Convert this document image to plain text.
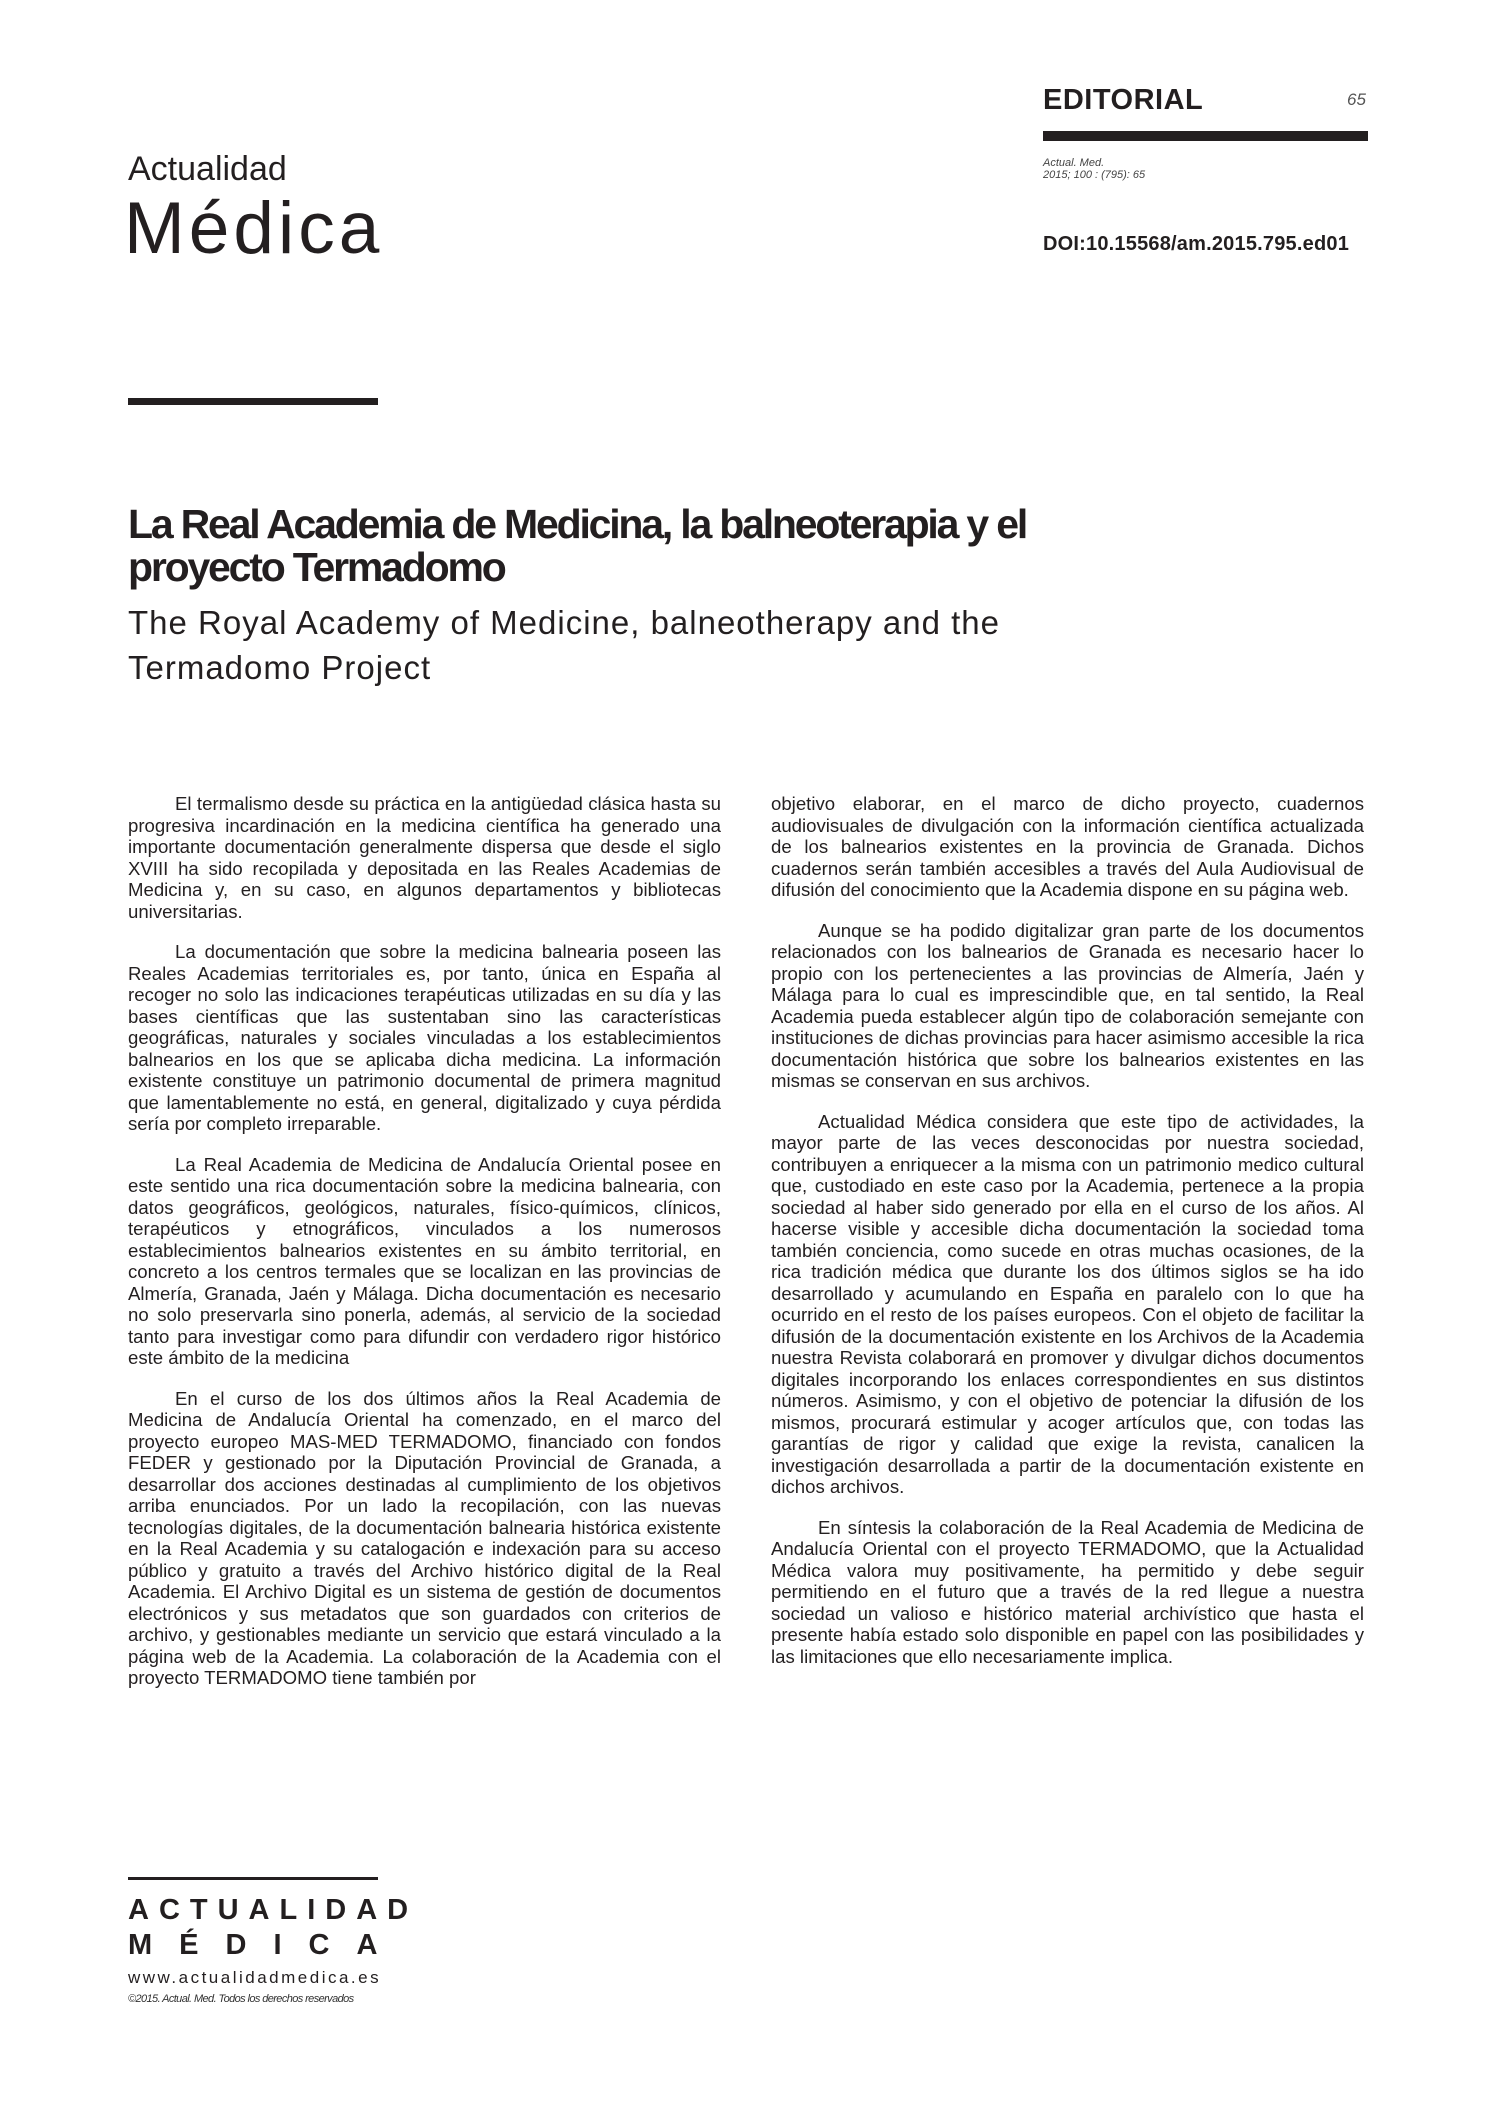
EDITORIAL	65
Actual. Med.
2015; 100 : (795): 65
DOI:10.15568/am.2015.795.ed01
Actualidad
Médica
La Real Academia de Medicina, la balneoterapia y el
proyecto Termadomo
The Royal Academy of Medicine, balneotherapy and the
Termadomo Project

El termalismo desde su práctica en la antigüedad clásica hasta su progresiva incardinación en la medicina científica ha generado una importante documentación generalmente dispersa que desde el siglo XVIII ha sido recopilada y depositada en las Reales Academias de Medicina y, en su caso, en algunos departamentos y bibliotecas universitarias.

La documentación que sobre la medicina balnearia poseen las Reales Academias territoriales es, por tanto, única en España al recoger no solo las indicaciones terapéuticas utilizadas en su día y las bases científicas que las sustentaban sino las características geográficas, naturales y sociales vinculadas a los establecimientos balnearios en los que se aplicaba dicha medicina. La información existente constituye un patrimonio documental de primera magnitud que lamentablemente no está, en general, digitalizado y cuya pérdida sería por completo irreparable.

La Real Academia de Medicina de Andalucía Oriental posee en este sentido una rica documentación sobre la medicina balnearia, con datos geográficos, geológicos, naturales, físico-químicos, clínicos, terapéuticos y etnográficos, vinculados a los numerosos establecimientos balnearios existentes en su ámbito territorial, en concreto a los centros termales que se localizan en las provincias de Almería, Granada, Jaén y Málaga. Dicha documentación es necesario no solo preservarla sino ponerla, además, al servicio de la sociedad tanto para investigar como para difundir con verdadero rigor histórico este ámbito de la medicina

En el curso de los dos últimos años la Real Academia de Medicina de Andalucía Oriental ha comenzado, en el marco del proyecto europeo MAS-MED TERMADOMO, financiado con fondos FEDER y gestionado por la Diputación Provincial de Granada, a desarrollar dos acciones destinadas al cumplimiento de los objetivos arriba enunciados. Por un lado la recopilación, con las nuevas tecnologías digitales, de la documentación balnearia histórica existente en la Real Academia y su catalogación e indexación para su acceso público y gratuito a través del Archivo histórico digital de la Real Academia. El Archivo Digital es un sistema de gestión de documentos electrónicos y sus metadatos que son guardados con criterios de archivo, y gestionables mediante un servicio que estará vinculado a la página web de la Academia. La colaboración de la Academia con el proyecto TERMADOMO tiene también por

objetivo elaborar, en el marco de dicho proyecto, cuadernos audiovisuales de divulgación con la información científica actualizada de los balnearios existentes en la provincia de Granada. Dichos cuadernos serán también accesibles a través del Aula Audiovisual de difusión del conocimiento que la Academia dispone en su página web.

Aunque se ha podido digitalizar gran parte de los documentos relacionados con los balnearios de Granada es necesario hacer lo propio con los pertenecientes a las provincias de Almería, Jaén y Málaga para lo cual es imprescindible que, en tal sentido, la Real Academia pueda establecer algún tipo de colaboración semejante con instituciones de dichas provincias para hacer asimismo accesible la rica documentación histórica que sobre los balnearios existentes en las mismas se conservan en sus archivos.

Actualidad Médica considera que este tipo de actividades, la mayor parte de las veces desconocidas por nuestra sociedad, contribuyen a enriquecer a la misma con un patrimonio medico cultural que, custodiado en este caso por la Academia, pertenece a la propia sociedad al haber sido generado por ella en el curso de los años. Al hacerse visible y accesible dicha documentación la sociedad toma también conciencia, como sucede en otras muchas ocasiones, de la rica tradición médica que durante los dos últimos siglos se ha ido desarrollado y acumulando en España en paralelo con lo que ha ocurrido en el resto de los países europeos. Con el objeto de facilitar la difusión de la documentación existente en los Archivos de la Academia nuestra Revista colaborará en promover y divulgar dichos documentos digitales incorporando los enlaces correspondientes en sus distintos números. Asimismo, y con el objetivo de potenciar la difusión de los mismos, procurará estimular y acoger artículos que, con todas las garantías de rigor y calidad que exige la revista, canalicen la investigación desarrollada a partir de la documentación existente en dichos archivos.

En síntesis la colaboración de la Real Academia de Medicina de Andalucía Oriental con el proyecto TERMADOMO, que la Actualidad Médica valora muy positivamente, ha permitido y debe seguir permitiendo en el futuro que a través de la red llegue a nuestra sociedad un valioso e histórico material archivístico que hasta el presente había estado solo disponible en papel con las posibilidades y las limitaciones que ello necesariamente implica.

ACTUALIDAD
MÉDICA
www.actualidadmedica.es
©2015. Actual. Med. Todos los derechos reservados
